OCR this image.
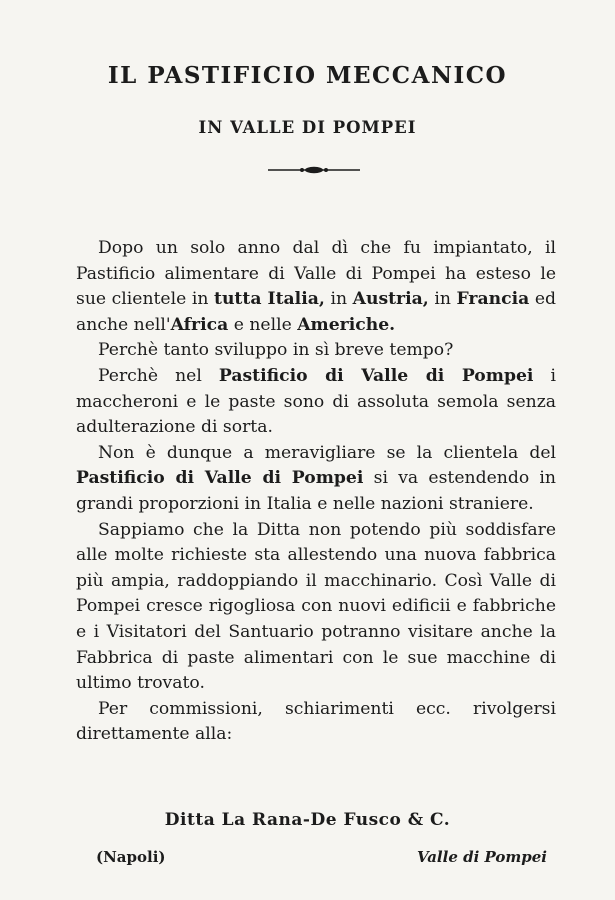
IL PASTIFICIO MECCANICO
IN VALLE DI POMPEI

Dopo un solo anno dal dì che fu impiantato, il Pastificio alimentare di Valle di Pompei ha esteso le sue clientele in tutta Italia, in Austria, in Francia ed anche nell'Africa e nelle Americhe.

Perchè tanto sviluppo in sì breve tempo?

Perchè nel Pastificio di Valle di Pompei i maccheroni e le paste sono di assoluta semola senza adulterazione di sorta.

Non è dunque a meravigliare se la clientela del Pastificio di Valle di Pompei si va estendendo in grandi proporzioni in Italia e nelle nazioni straniere.

Sappiamo che la Ditta non potendo più soddisfare alle molte richieste sta allestendo una nuova fabbrica più ampia, raddoppiando il macchinario. Così Valle di Pompei cresce rigogliosa con nuovi edificii e fabbriche e i Visitatori del Santuario potranno visitare anche la Fabbrica di paste alimentari con le sue macchine di ultimo trovato.

Per commissioni, schiarimenti ecc. rivolgersi direttamente alla:

Ditta La Rana-De Fusco & C.
(Napoli)	Valle di Pompei
